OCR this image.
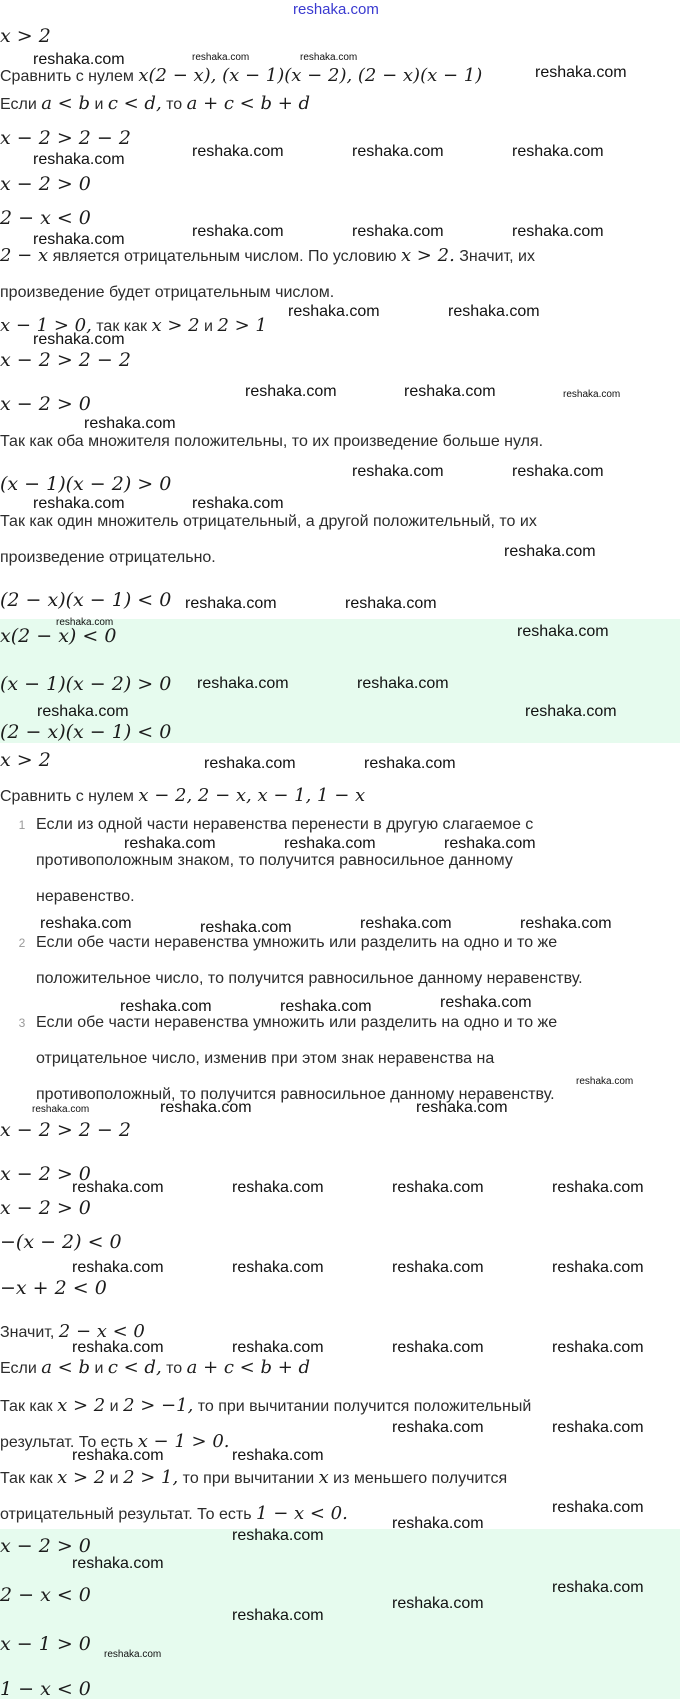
reshaka.com
x > 2
Сравнить с нулем x(2 − x), (x − 1)(x − 2), (2 − x)(x − 1)
Если a < b и c < d, то a + c < b + d
x − 2 > 2 − 2
x − 2 > 0
2 − x < 0
2 − x является отрицательным числом. По условию x > 2. Значит, их
произведение будет отрицательным числом.
x − 1 > 0, так как x > 2 и 2 > 1
x − 2 > 2 − 2
x − 2 > 0
Так как оба множителя положительны, то их произведение больше нуля.
(x − 1)(x − 2) > 0
Так как один множитель отрицательный, а другой положительный, то их
произведение отрицательно.
(2 − x)(x − 1) < 0
x(2 − x) < 0
(x − 1)(x − 2) > 0
(2 − x)(x − 1) < 0
x > 2
Сравнить с нулем x − 2, 2 − x, x − 1, 1 − x
1 Если из одной части неравенства перенести в другую слагаемое с
противоположным знаком, то получится равносильное данному
неравенство.
2 Если обе части неравенства умножить или разделить на одно и то же
положительное число, то получится равносильное данному неравенству.
3 Если обе части неравенства умножить или разделить на одно и то же
отрицательное число, изменив при этом знак неравенства на
противоположный, то получится равносильное данному неравенству.
x − 2 > 2 − 2
x − 2 > 0
x − 2 > 0
−(x − 2) < 0
−x + 2 < 0
Значит, 2 − x < 0
Если a < b и c < d, то a + c < b + d
Так как x > 2 и 2 > −1, то при вычитании получится положительный
результат. То есть x − 1 > 0.
Так как x > 2 и 2 > 1, то при вычитании x из меньшего получится
отрицательный результат. То есть 1 − x < 0.
x − 2 > 0
2 − x < 0
x − 1 > 0
1 − x < 0
reshaka.com	reshaka.com	reshaka.com
reshaka.com
reshaka.com	reshaka.com	reshaka.com	reshaka.com
reshaka.com	reshaka.com	reshaka.com	reshaka.com
reshaka.com	reshaka.com
reshaka.com
reshaka.com	reshaka.com	reshaka.com
reshaka.com
reshaka.com	reshaka.com
reshaka.com	reshaka.com
reshaka.com
reshaka.com	reshaka.com
reshaka.com
reshaka.com
reshaka.com	reshaka.com
reshaka.com	reshaka.com
reshaka.com	reshaka.com
reshaka.com	reshaka.com	reshaka.com
reshaka.com	reshaka.com	reshaka.com	reshaka.com
reshaka.com	reshaka.com	reshaka.com
reshaka.com
reshaka.com	reshaka.com	reshaka.com
reshaka.com	reshaka.com	reshaka.com	reshaka.com
reshaka.com	reshaka.com	reshaka.com	reshaka.com
reshaka.com	reshaka.com	reshaka.com	reshaka.com
reshaka.com	reshaka.com
reshaka.com	reshaka.com
reshaka.com
reshaka.com
reshaka.com
reshaka.com
reshaka.com
reshaka.com
reshaka.com
reshaka.com
